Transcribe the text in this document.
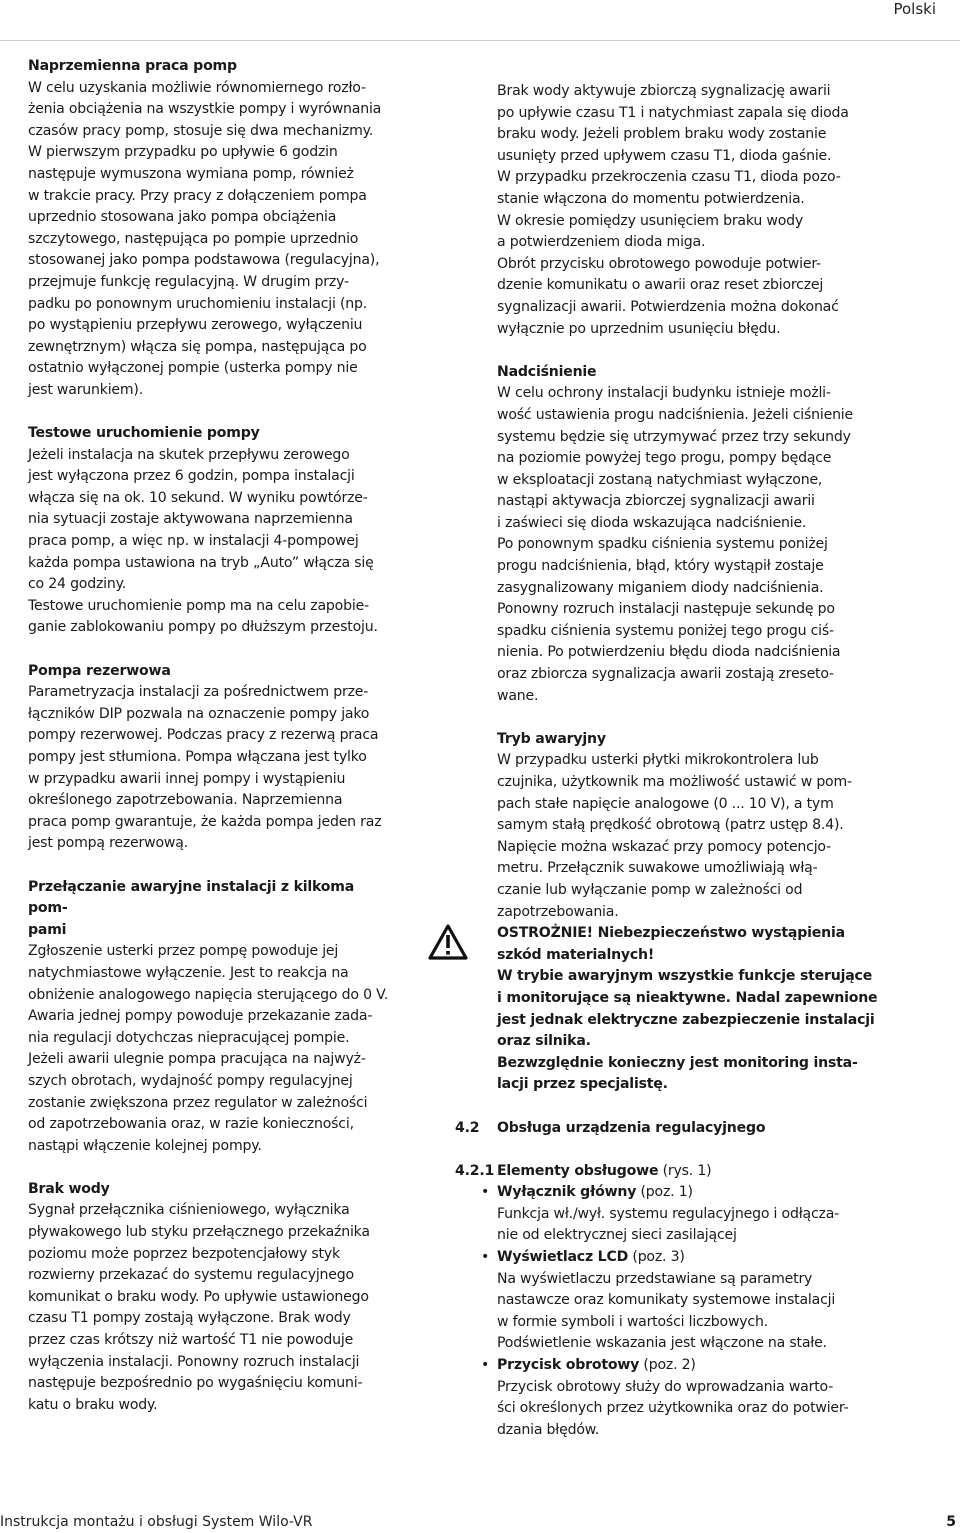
Polski
Naprzemienna praca pomp
W celu uzyskania możliwie równomiernego rozło-
żenia obciążenia na wszystkie pompy i wyrównania
czasów pracy pomp, stosuje się dwa mechanizmy.
W pierwszym przypadku po upływie 6 godzin
następuje wymuszona wymiana pomp, również
w trakcie pracy. Przy pracy z dołączeniem pompa
uprzednio stosowana jako pompa obciążenia
szczytowego, następująca po pompie uprzednio
stosowanej jako pompa podstawowa (regulacyjna),
przejmuje funkcję regulacyjną. W drugim przy-
padku po ponownym uruchomieniu instalacji (np.
po wystąpieniu przepływu zerowego, wyłączeniu
zewnętrznym) włącza się pompa, następująca po
ostatnio wyłączonej pompie (usterka pompy nie
jest warunkiem).
Testowe uruchomienie pompy
Jeżeli instalacja na skutek przepływu zerowego
jest wyłączona przez 6 godzin, pompa instalacji
włącza się na ok. 10 sekund. W wyniku powtórze-
nia sytuacji zostaje aktywowana naprzemienna
praca pomp, a więc np. w instalacji 4-pompowej
każda pompa ustawiona na tryb „Auto” włącza się
co 24 godziny.
Testowe uruchomienie pomp ma na celu zapobie-
ganie zablokowaniu pompy po dłuższym przestoju.
Pompa rezerwowa
Parametryzacja instalacji za pośrednictwem prze-
łączników DIP pozwala na oznaczenie pompy jako
pompy rezerwowej. Podczas pracy z rezerwą praca
pompy jest stłumiona. Pompa włączana jest tylko
w przypadku awarii innej pompy i wystąpieniu
określonego zapotrzebowania. Naprzemienna
praca pomp gwarantuje, że każda pompa jeden raz
jest pompą rezerwową.
Przełączanie awaryjne instalacji z kilkoma pom-
pami
Zgłoszenie usterki przez pompę powoduje jej
natychmiastowe wyłączenie. Jest to reakcja na
obniżenie analogowego napięcia sterującego do 0 V.
Awaria jednej pompy powoduje przekazanie zada-
nia regulacji dotychczas niepracującej pompie.
Jeżeli awarii ulegnie pompa pracująca na najwyż-
szych obrotach, wydajność pompy regulacyjnej
zostanie zwiększona przez regulator w zależności
od zapotrzebowania oraz, w razie konieczności,
nastąpi włączenie kolejnej pompy.
Brak wody
Sygnał przełącznika ciśnieniowego, wyłącznika
pływakowego lub styku przełącznego przekaźnika
poziomu może poprzez bezpotencjałowy styk
rozwierny przekazać do systemu regulacyjnego
komunikat o braku wody. Po upływie ustawionego
czasu T1 pompy zostają wyłączone. Brak wody
przez czas krótszy niż wartość T1 nie powoduje
wyłączenia instalacji. Ponowny rozruch instalacji
następuje bezpośrednio po wygaśnięciu komuni-
katu o braku wody.
Brak wody aktywuje zbiorczą sygnalizację awarii
po upływie czasu T1 i natychmiast zapala się dioda
braku wody. Jeżeli problem braku wody zostanie
usunięty przed upływem czasu T1, dioda gaśnie.
W przypadku przekroczenia czasu T1, dioda pozo-
stanie włączona do momentu potwierdzenia.
W okresie pomiędzy usunięciem braku wody
a potwierdzeniem dioda miga.
Obrót przycisku obrotowego powoduje potwier-
dzenie komunikatu o awarii oraz reset zbiorczej
sygnalizacji awarii. Potwierdzenia można dokonać
wyłącznie po uprzednim usunięciu błędu.
Nadciśnienie
W celu ochrony instalacji budynku istnieje możli-
wość ustawienia progu nadciśnienia. Jeżeli ciśnienie
systemu będzie się utrzymywać przez trzy sekundy
na poziomie powyżej tego progu, pompy będące
w eksploatacji zostaną natychmiast wyłączone,
nastąpi aktywacja zbiorczej sygnalizacji awarii
i zaświeci się dioda wskazująca nadciśnienie.
Po ponownym spadku ciśnienia systemu poniżej
progu nadciśnienia, błąd, który wystąpił zostaje
zasygnalizowany miganiem diody nadciśnienia.
Ponowny rozruch instalacji następuje sekundę po
spadku ciśnienia systemu poniżej tego progu ciś-
nienia. Po potwierdzeniu błędu dioda nadciśnienia
oraz zbiorcza sygnalizacja awarii zostają zreseto-
wane.
Tryb awaryjny
W przypadku usterki płytki mikrokontrolera lub
czujnika, użytkownik ma możliwość ustawić w pom-
pach stałe napięcie analogowe (0 ... 10 V), a tym
samym stałą prędkość obrotową (patrz ustęp 8.4).
Napięcie można wskazać przy pomocy potencjo-
metru. Przełącznik suwakowe umożliwiają włą-
czanie lub wyłączanie pomp w zależności od
zapotrzebowania.
OSTROŻNIE! Niebezpieczeństwo wystąpienia
szkód materialnych!
W trybie awaryjnym wszystkie funkcje sterujące
i monitorujące są nieaktywne. Nadal zapewnione
jest jednak elektryczne zabezpieczenie instalacji
oraz silnika.
Bezwzględnie konieczny jest monitoring insta-
lacji przez specjalistę.
4.2 Obsługa urządzenia regulacyjnego
4.2.1 Elementy obsługowe (rys. 1)
• Wyłącznik główny (poz. 1)
Funkcja wł./wył. systemu regulacyjnego i odłącza-
nie od elektrycznej sieci zasilającej
• Wyświetlacz LCD (poz. 3)
Na wyświetlaczu przedstawiane są parametry
nastawcze oraz komunikaty systemowe instalacji
w formie symboli i wartości liczbowych.
Podświetlenie wskazania jest włączone na stałe.
• Przycisk obrotowy (poz. 2)
Przycisk obrotowy służy do wprowadzania warto-
ści określonych przez użytkownika oraz do potwier-
dzania błędów.
Instrukcja montażu i obsługi System Wilo-VR	5
